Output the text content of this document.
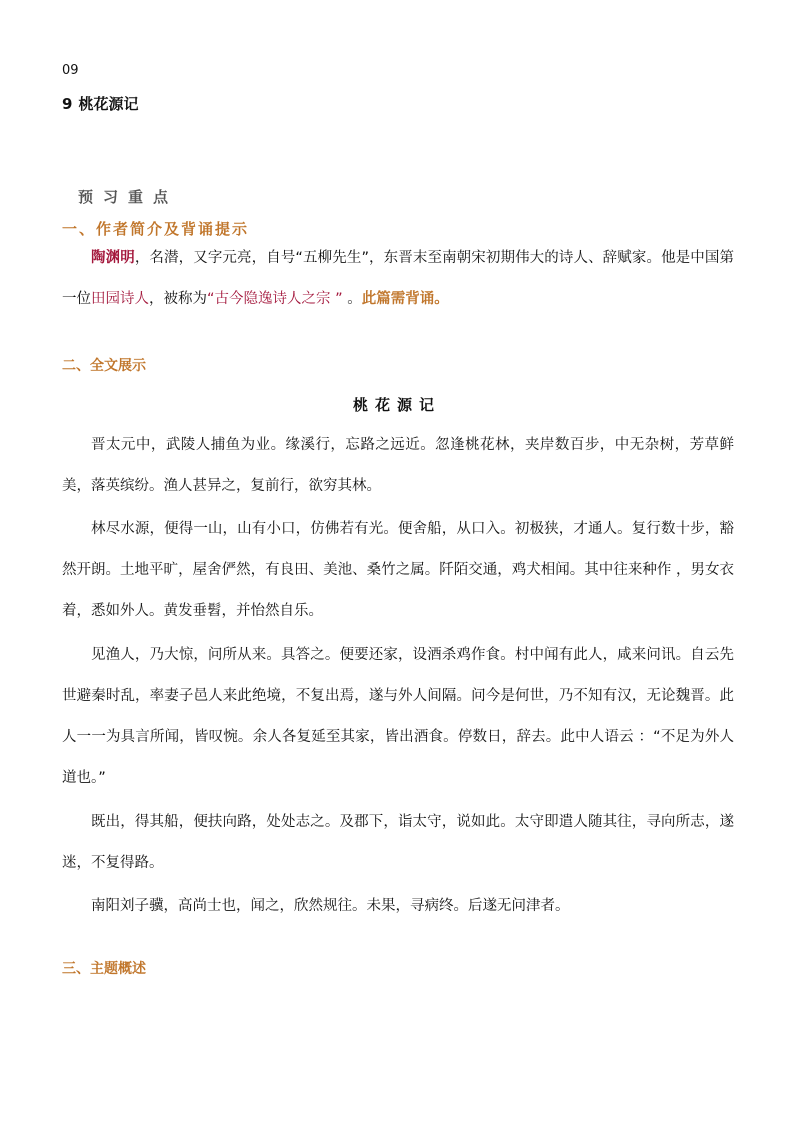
09
9 桃花源记
预习重点
一、作者简介及背诵提示

陶渊明，名潜，又字元亮，自号“五柳先生”，东晋末至南朝宋初期伟大的诗人、辞赋家。他是中国第一位田园诗人，被称为“古今隐逸诗人之宗 ” 。此篇需背诵。

二、全文展示
桃花源记

晋太元中，武陵人捕鱼为业。缘溪行，忘路之远近。忽逢桃花林，夹岸数百步，中无杂树，芳草鲜美，落英缤纷。渔人甚异之，复前行，欲穷其林。

林尽水源，便得一山，山有小口，仿佛若有光。便舍船，从口入。初极狭，才通人。复行数十步，豁然开朗。土地平旷，屋舍俨然，有良田、美池、桑竹之属。阡陌交通，鸡犬相闻。其中往来种作 ，男女衣着，悉如外人。黄发垂髫，并怡然自乐。

见渔人，乃大惊，问所从来。具答之。便要还家，设酒杀鸡作食。村中闻有此人，咸来问讯。自云先世避秦时乱，率妻子邑人来此绝境，不复出焉，遂与外人间隔。问今是何世，乃不知有汉，无论魏晋。此人一一为具言所闻，皆叹惋。余人各复延至其家，皆出酒食。停数日，辞去。此中人语云 ：“不足为外人道也。”

既出，得其船，便扶向路，处处志之。及郡下，诣太守，说如此。太守即遣人随其往，寻向所志，遂迷，不复得路。

南阳刘子骥，高尚士也，闻之，欣然规往。未果，寻病终。后遂无问津者。

三、主题概述
